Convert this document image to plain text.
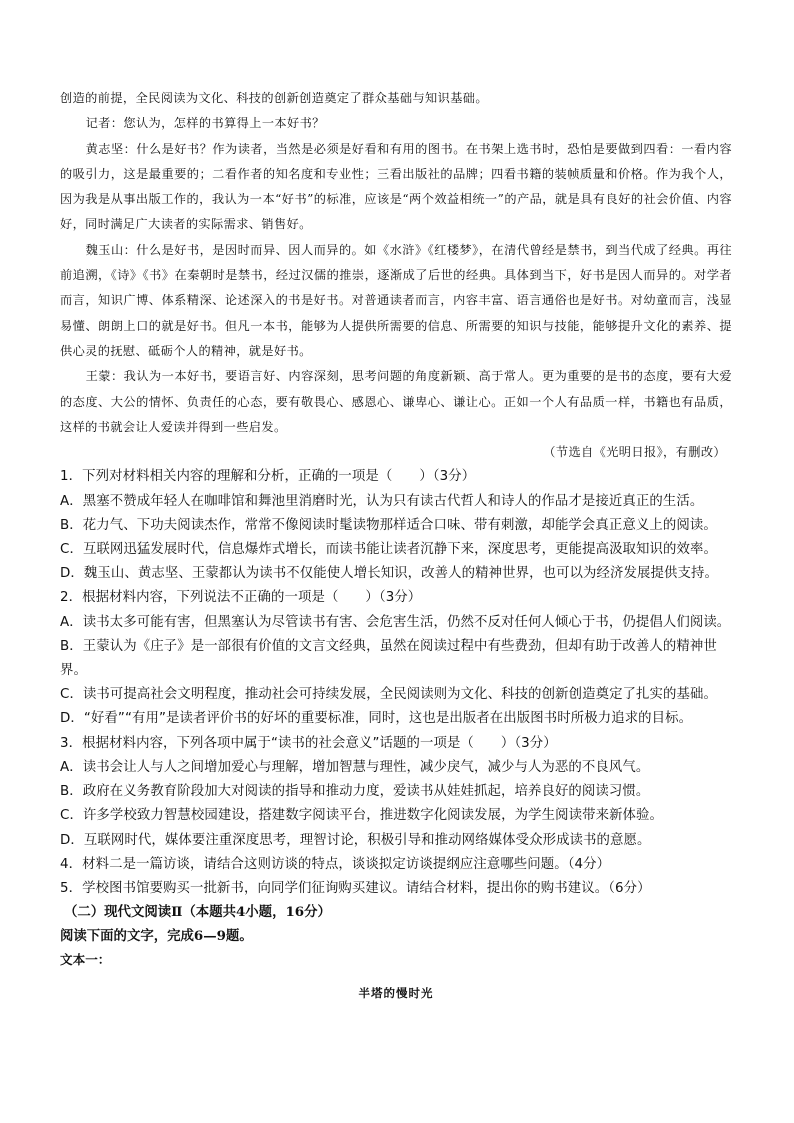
创造的前提，全民阅读为文化、科技的创新创造奠定了群众基础与知识基础。

记者：您认为，怎样的书算得上一本好书？

黄志坚：什么是好书？作为读者，当然是必须是好看和有用的图书。在书架上选书时，恐怕是要做到四看：一看内容的吸引力，这是最重要的；二看作者的知名度和专业性；三看出版社的品牌；四看书籍的装帧质量和价格。作为我个人，因为我是从事出版工作的，我认为一本“好书”的标准，应该是“两个效益相统一”的产品，就是具有良好的社会价值、内容好，同时满足广大读者的实际需求、销售好。

魏玉山：什么是好书，是因时而异、因人而异的。如《水浒》《红楼梦》，在清代曾经是禁书，到当代成了经典。再往前追溯，《诗》《书》在秦朝时是禁书，经过汉儒的推崇，逐渐成了后世的经典。具体到当下，好书是因人而异的。对学者而言，知识广博、体系精深、论述深入的书是好书。对普通读者而言，内容丰富、语言通俗也是好书。对幼童而言，浅显易懂、朗朗上口的就是好书。但凡一本书，能够为人提供所需要的信息、所需要的知识与技能，能够提升文化的素养、提供心灵的抚慰、砥砺个人的精神，就是好书。

王蒙：我认为一本好书，要语言好、内容深刻，思考问题的角度新颖、高于常人。更为重要的是书的态度，要有大爱的态度、大公的情怀、负责任的心态，要有敬畏心、感恩心、谦卑心、谦让心。正如一个人有品质一样，书籍也有品质，这样的书就会让人爱读并得到一些启发。

（节选自《光明日报》，有删改）

1．下列对材料相关内容的理解和分析，正确的一项是（　　）（3分）

A．黑塞不赞成年轻人在咖啡馆和舞池里消磨时光，认为只有读古代哲人和诗人的作品才是接近真正的生活。

B．花力气、下功夫阅读杰作，常常不像阅读时髦读物那样适合口味、带有刺激，却能学会真正意义上的阅读。

C．互联网迅猛发展时代，信息爆炸式增长，而读书能让读者沉静下来，深度思考，更能提高汲取知识的效率。

D．魏玉山、黄志坚、王蒙都认为读书不仅能使人增长知识，改善人的精神世界，也可以为经济发展提供支持。

2．根据材料内容，下列说法不正确的一项是（　　）（3分）

A．读书太多可能有害，但黑塞认为尽管读书有害、会危害生活，仍然不反对任何人倾心于书，仍提倡人们阅读。

B．王蒙认为《庄子》是一部很有价值的文言文经典，虽然在阅读过程中有些费劲，但却有助于改善人的精神世界。

C．读书可提高社会文明程度，推动社会可持续发展，全民阅读则为文化、科技的创新创造奠定了扎实的基础。

D．“好看”“有用”是读者评价书的好坏的重要标准，同时，这也是出版者在出版图书时所极力追求的目标。

3．根据材料内容，下列各项中属于“读书的社会意义”话题的一项是（　　）（3分）

A．读书会让人与人之间增加爱心与理解，增加智慧与理性，减少戾气，减少与人为恶的不良风气。

B．政府在义务教育阶段加大对阅读的指导和推动力度，爱读书从娃娃抓起，培养良好的阅读习惯。

C．许多学校致力智慧校园建设，搭建数字阅读平台，推进数字化阅读发展，为学生阅读带来新体验。

D．互联网时代，媒体要注重深度思考，理智讨论，积极引导和推动网络媒体受众形成读书的意愿。

4．材料二是一篇访谈，请结合这则访谈的特点，谈谈拟定访谈提纲应注意哪些问题。（4分）

5．学校图书馆要购买一批新书，向同学们征询购买建议。请结合材料，提出你的购书建议。（6分）

（二）现代文阅读Ⅱ（本题共4小题，16分）

阅读下面的文字，完成6—9题。

文本一：

半塔的慢时光
